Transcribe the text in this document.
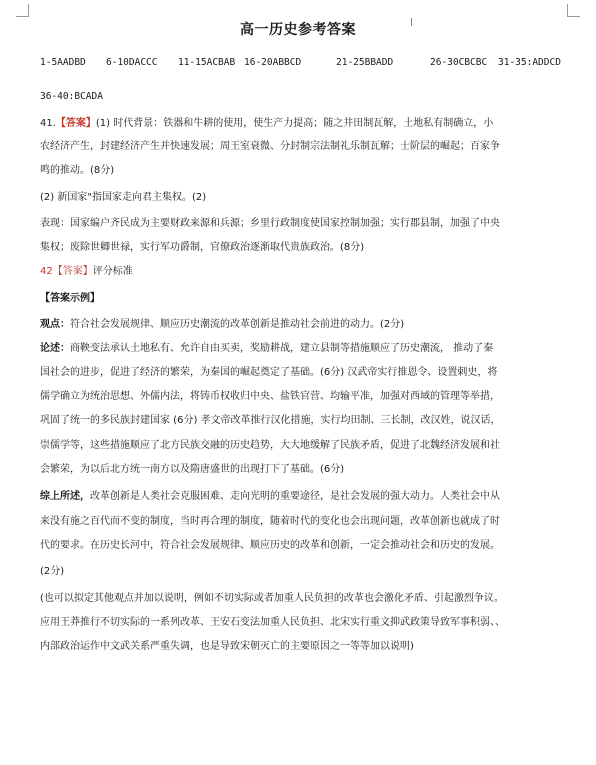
高一历史参考答案
1-5AADBD 6-10DACCC 11-15ACBAB 16-20ABBCD	21-25BBADD	26-30CBCBC 31-35:ADDCD
36-40:BCADA
41.【答案】(1) 时代背景：铁器和牛耕的使用，使生产力提高；随之井田制瓦解，土地私有制确立，小
农经济产生，封建经济产生并快速发展；周王室衰微、分封制宗法制礼乐制瓦解；士阶层的崛起；百家争
鸣的推动。(8分)
(2) 新国家"指国家走向君主集权。(2)
表现：国家编户齐民成为主要财政来源和兵源；乡里行政制度使国家控制加强；实行郡县制，加强了中央
集权；废除世卿世禄，实行军功爵制，官僚政治逐渐取代贵族政治。(8分)
42【答案】评分标准
【答案示例】
观点：符合社会发展规律、顺应历史潮流的改革创新是推动社会前进的动力。(2分)
论述：商鞅变法承认土地私有、允许自由买卖，奖励耕战，建立县制等措施顺应了历史潮流， 推动了秦
国社会的进步，促进了经济的繁荣，为秦国的崛起奠定了基础。(6分) 汉武帝实行推恩令、设置刺史，将
儒学确立为统治思想、外儒内法，将铸币权收归中央、盐铁官营、均输平准，加强对西域的管理等举措，
巩固了统一的多民族封建国家 (6分) 孝文帝改革推行汉化措施，实行均田制、三长制，改汉姓，说汉话，
崇儒学等，这些措施顺应了北方民族交融的历史趋势，大大地缓解了民族矛盾，促进了北魏经济发展和社
会繁荣，为以后北方统一南方以及隋唐盛世的出现打下了基础。(6分)
综上所述，改革创新是人类社会克服困难、走向光明的重要途径，是社会发展的强大动力。人类社会中从
来没有施之百代而不变的制度，当时再合理的制度，随着时代的变化也会出现问题，改革创新也就成了时
代的要求。在历史长河中，符合社会发展规律、顺应历史的改革和创新，一定会推动社会和历史的发展。
(2分)
(也可以拟定其他观点并加以说明，例如不切实际或者加重人民负担的改革也会激化矛盾、引起激烈争议。
应用王莽推行不切实际的一系列改革、王安石变法加重人民负担、北宋实行重文抑武政策导致军事积弱、、
内部政治运作中文武关系严重失调，也是导致宋朝灭亡的主要原因之一等等加以说明)
